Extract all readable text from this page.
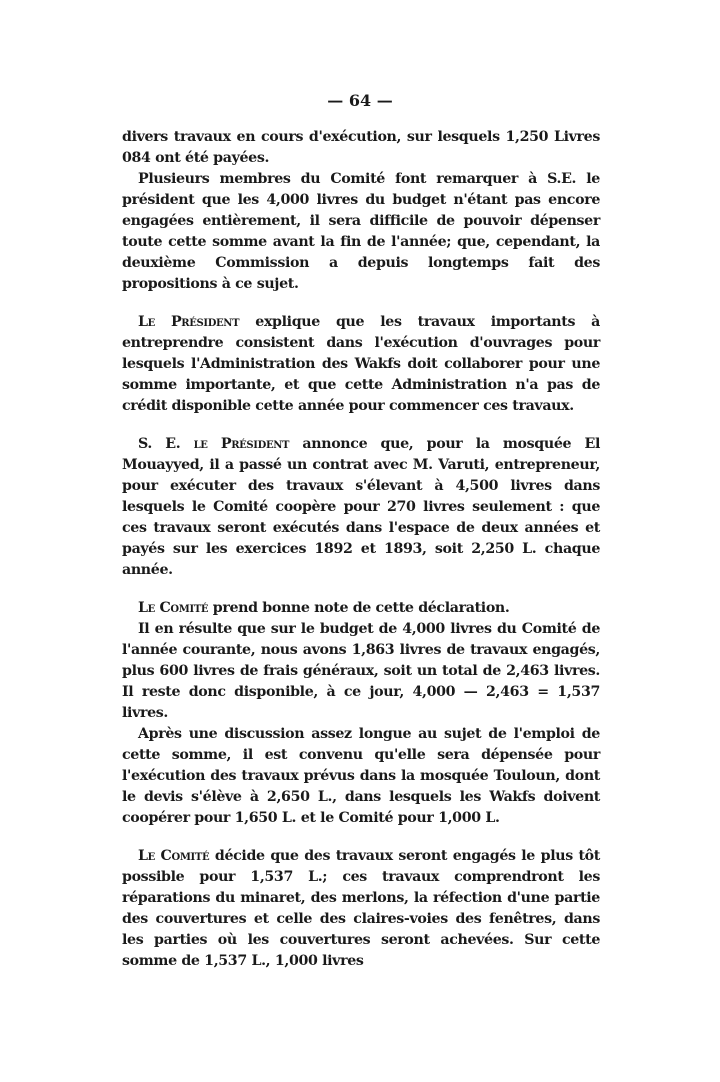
— 64 —

divers travaux en cours d'exécution, sur lesquels 1,250 Livres 084 ont été payées.

Plusieurs membres du Comité font remarquer à S.E. le président que les 4,000 livres du budget n'étant pas encore engagées entièrement, il sera difficile de pouvoir dépenser toute cette somme avant la fin de l'année; que, cependant, la deuxième Commission a depuis longtemps fait des propositions à ce sujet.

Le Président explique que les travaux importants à entreprendre consistent dans l'exécution d'ouvrages pour lesquels l'Administration des Wakfs doit collaborer pour une somme importante, et que cette Administration n'a pas de crédit disponible cette année pour commencer ces travaux.

S. E. le Président annonce que, pour la mosquée El Mouayyed, il a passé un contrat avec M. Varuti, entrepreneur, pour exécuter des travaux s'élevant à 4,500 livres dans lesquels le Comité coopère pour 270 livres seulement : que ces travaux seront exécutés dans l'espace de deux années et payés sur les exercices 1892 et 1893, soit 2,250 L. chaque année.

Le Comité prend bonne note de cette déclaration.

Il en résulte que sur le budget de 4,000 livres du Comité de l'année courante, nous avons 1,863 livres de travaux engagés, plus 600 livres de frais généraux, soit un total de 2,463 livres. Il reste donc disponible, à ce jour, 4,000 — 2,463 = 1,537 livres.

Après une discussion assez longue au sujet de l'emploi de cette somme, il est convenu qu'elle sera dépensée pour l'exécution des travaux prévus dans la mosquée Touloun, dont le devis s'élève à 2,650 L., dans lesquels les Wakfs doivent coopérer pour 1,650 L. et le Comité pour 1,000 L.

Le Comité décide que des travaux seront engagés le plus tôt possible pour 1,537 L.; ces travaux comprendront les réparations du minaret, des merlons, la réfection d'une partie des couvertures et celle des claires-voies des fenêtres, dans les parties où les couvertures seront achevées. Sur cette somme de 1,537 L., 1,000 livres
